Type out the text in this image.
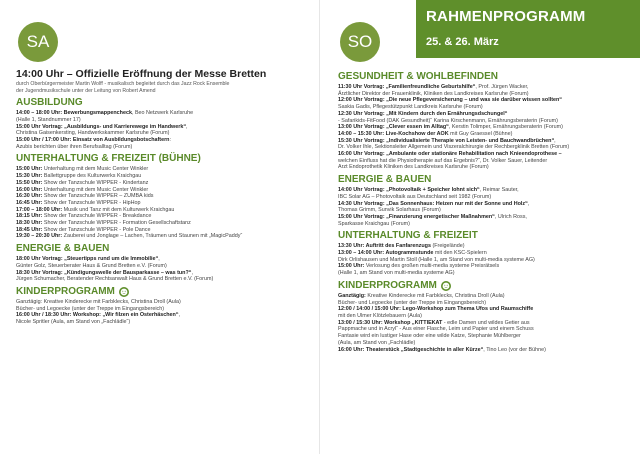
SA
14:00 Uhr – Offizielle Eröffnung der Messe Bretten
durch Oberbürgermeister Martin Wolff - musikalisch begleitet durch das Jazz Rock Ensemble
der Jugendmusikschule unter der Leitung von Robert Amend
AUSBILDUNG
14:00 – 18:00 Uhr: Bewerbungsmappencheck, Beo Netzwerk Karlsruhe
(Halle 1, Standnummer 17)
15:00 Uhr Vortrag: „Ausbildungs- und Karrierewege im Handwerk“,
Christina Gaisenkersting, Handwerkskammer Karlsruhe (Forum)
15:00 Uhr / 17:00 Uhr: Einsatz von Ausbildungsbotschaftern:
Azubis berichten über ihren Berufsalltag (Forum)
UNTERHALTUNG & FREIZEIT (BÜHNE)
15:00 Uhr: Unterhaltung mit dem Music Center Winkler
15:30 Uhr: Ballettgruppe des Kulturwerks Kraichgau
15:50 Uhr: Show der Tanzschule WIPPER - Kindertanz
16:00 Uhr: Unterhaltung mit dem Music Center Winkler
16:30 Uhr: Show der Tanzschule WIPPER – ZUMBA kids
16:45 Uhr: Show der Tanzschule WIPPER - HipHop
17:00 – 18:00 Uhr: Musik und Tanz mit dem Kulturwerk Kraichgau
18:15 Uhr: Show der Tanzschule WIPPER - Breakdance
18:30 Uhr: Show der Tanzschule WIPPER - Formation Gesellschaftstanz
18:45 Uhr: Show der Tanzschule WIPPER - Pole Dance
19:30 – 20:30 Uhr: Zauberei und Jonglage – Lachen, Träumen und Staunen mit „MagicPaddy“
ENERGIE & BAUEN
18:00 Uhr Vortrag: „Steuertipps rund um die Immobilie“,
Günter Golz, Steuerberater Haus & Grund Bretten e.V. (Forum)
18:30 Uhr Vortrag: „Kündigungswelle der Bausparkasse – was tun?“,
Jürgen Schumacher, Beratender Rechtsanwalt Haus & Grund Bretten e.V. (Forum)
KINDERPROGRAMM
Ganztägig: Kreative Kinderecke mit Farbklecks, Christina Droll (Aula)
Bücher- und Legoecke (unter der Treppe im Eingangsbereich)
16:00 Uhr / 18:30 Uhr: Workshop: „Wir filzen ein Osterhäschen“,
Nicole Spritler (Aula, am Stand von „Fachlädle“)
SO
RAHMENPROGRAMM
25. & 26. März
GESUNDHEIT & WOHLBEFINDEN
11:30 Uhr Vortrag: „Familienfreundliche Geburtshilfe“, Prof. Jürgen Wacker,
Ärztlicher Direktor der Frauenklinik, Kliniken des Landkreises Karlsruhe (Forum)
12:00 Uhr Vortrag: „Die neue Pflegeversicherung – und was sie darüber wissen sollten“
Saskia Gadis, Pflegestützpunkt Landkreis Karlsruhe (Forum)
12:30 Uhr Vortrag: „Mit Kindern durch den Ernährungsdschungel“
- Safarikids-FitFood (DAK Gesundheit)“ Karina Kirschenmann, Ernährungsberaterin (Forum)
13:00 Uhr Vortrag: „Clever essen im Alltag“, Kerstin Tolimper, Ernährungsberaterin (Forum)
14:00 – 15:30 Uhr: Live-Kochshow der AOK mit Guy Graessel (Bühne)
15:30 Uhr Vortrag: „Individualisierte Therapie von Leisten- und Bauchwandbrüchen“,
Dr. Volker Ihle, Sektionsleiter Allgemein und Viszeralchirurgie der Rechbergklinik Bretten (Forum)
16:00 Uhr Vortrag: „Ambulante oder stationäre Rehabilitation nach Knieendoprothese –
welchen Einfluss hat die Physiotherapie auf das Ergebnis?“, Dr. Volker Sauer, Leitender
Arzt Endoprothetik Kliniken des Landkreises Karlsruhe (Forum)
ENERGIE & BAUEN
14:00 Uhr Vortrag: „Photovoltaik + Speicher lohnt sich“, Reimar Sauter,
IBC Solar AG – Photovoltaik aus Deutschland seit 1982 (Forum)
14:30 Uhr Vortrag: „Das Sonnenhaus: Heizen nur mit der Sonne und Holz“,
Thomas Grimm, Sunvik Solarhaus (Forum)
15:00 Uhr Vortrag: „Finanzierung energetischer Maßnahmen“, Ulrich Ross,
Sparkasse Kraichgau (Forum)
UNTERHALTUNG & FREIZEIT
13:30 Uhr: Auftritt des Fanfarenzugs (Freigelände)
13:00 – 14:00 Uhr: Autogrammstunde mit den KSC-Spielern
Dirk Orlishausen und Martin Stoll (Halle 1, am Stand von multi-media systeme AG)
15:00 Uhr: Verlosung des großen multi-media systeme Preisrätsels
(Halle 1, am Stand von multi-media systeme AG)
KINDERPROGRAMM
Ganztägig: Kreative Kinderecke mit Farbklecks, Christina Droll (Aula)
Bücher- und Legoecke (unter der Treppe im Eingangsbereich)
12:00 / 14:00 / 15:00 Uhr: Lego-Workshop zum Thema Ufos und Raumschiffe
mit den Ulmer Klötzlebauern (Aula)
13:00 / 15:30 Uhr: Workshop „KITTIEKAT - edle Damen und wildes Getier aus
Pappmache und in Acryl“ - Aus einer Flasche, Leim und Papier und einem Schuss
Fantasie wird ein lustiger Hase oder eine wilde Katze, Stephanie Mühlberger
(Aula, am Stand von „Fachlädle)
16:00 Uhr: Theaterstück „Stadtgeschichte in aller Kürze“, Tino Leo (vor der Bühne)
